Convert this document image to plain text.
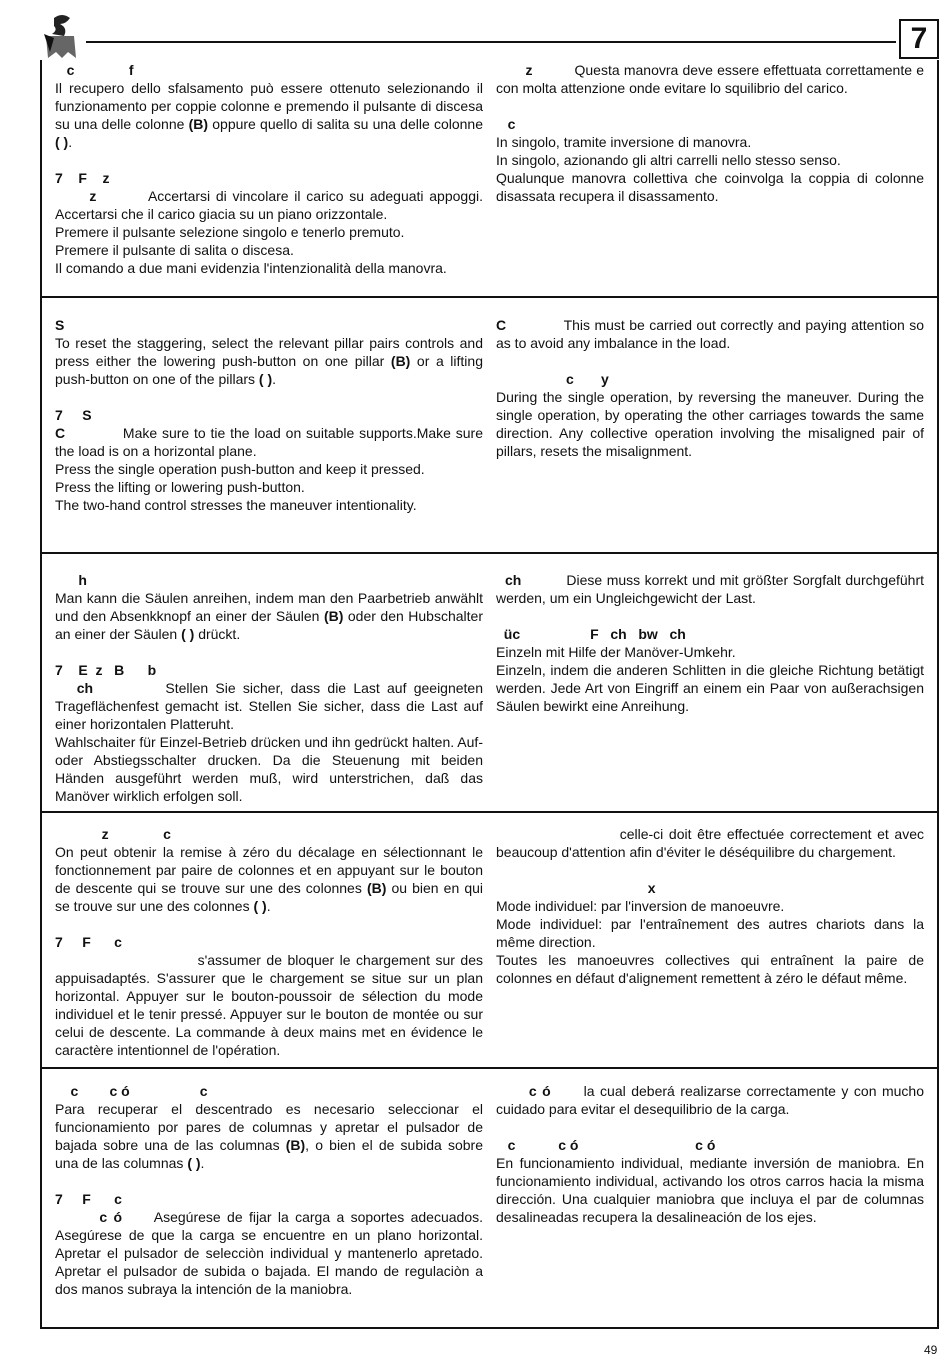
7
c              f
Il recupero dello sfalsamento può essere ottenuto selezionando il funzionamento per coppie colonne e premendo il pulsante di discesa su una delle colonne (B) oppure quello di salita su una delle colonne ( ).
7    F    z
z         Accertarsi di vincolare il carico su adeguati appoggi. Accertarsi che il carico giacia su un piano orizzontale.
Premere il pulsante selezione singolo e tenerlo premuto.
Premere il pulsante di salita o discesa.
Il comando a due mani evidenzia l'intenzionalità della manovra.
z          Questa manovra deve essere effettuata correttamente e con molta attenzione onde evitare lo squilibrio del carico.
c
In singolo, tramite inversione di manovra.
In singolo, azionando gli altri carrelli nello stesso senso.
Qualunque manovra collettiva che coinvolga la coppia di colonne disassata recupera il disassamento.
S
To reset the staggering, select the relevant pillar pairs controls and press either the lowering push-button on one pillar (B) or a lifting push-button on one of the pillars ( ).
7     S
C            Make sure to tie the load on suitable supports.Make sure the load is on a horizontal plane.
Press the single operation push-button and keep it pressed.
Press the lifting or lowering push-button.
The two-hand control stresses the maneuver intentionality.
C             This must be carried out correctly and paying attention so as to avoid any imbalance in the load.
c       y
During the single operation, by reversing the maneuver. During the single operation, by operating the other carriages towards the same direction. Any collective operation involving the misaligned pair of pillars, resets the misalignment.
h
Man kann die Säulen anreihen, indem man den Paarbetrieb anwählt und den Absenkknopf an einer der Säulen (B) oder den Hubschalter an einer der Säulen ( ) drückt.
7    E  z   B      b
ch          Stellen Sie sicher, dass die Last auf geeigneten Trageflächenfest gemacht ist. Stellen Sie sicher, dass die Last auf einer horizontalen Platteruht.
Wahlschaiter für Einzel-Betrieb drücken und ihn gedrückt halten. Auf- oder Abstiegsschalter drucken. Da die Steuenung mit beiden Händen ausgeführt werden muß, wird unterstrichen, daß das Manöver wirklich erfolgen soll.
ch          Diese muss korrekt und mit größter Sorgfalt durchgeführt werden, um ein Ungleichgewicht der Last.
üc                  F   ch   bw   ch
Einzeln mit Hilfe der Manöver-Umkehr.
Einzeln, indem die anderen Schlitten in die gleiche Richtung betätigt werden. Jede Art von Eingriff an einem ein Paar von außerachsigen Säulen bewirkt eine Anreihung.
z              c
On peut obtenir la remise à zéro du décalage en sélectionnant le fonctionnement par paire de colonnes et en appuyant sur le bouton de descente qui se trouve sur une des colonnes (B) ou bien en qui se trouve sur une des colonnes ( ).
7     F      c
s'assumer de bloquer le chargement sur des appuisadaptés. S'assurer que le chargement se situe sur un plan horizontal. Appuyer sur le bouton-poussoir de sélection du mode individuel et le tenir pressé. Appuyer sur le bouton de montée ou sur celui de descente. La commande à deux mains met en évidence le caractère intentionnel de l'opération.
celle-ci doit être effectuée correctement et avec beaucoup d'attention afin d'éviter le déséquilibre du chargement.
x
Mode individuel: par l'inversion de manoeuvre.
Mode individuel: par l'entraînement des autres chariots dans la même direction.
Toutes les manoeuvres collectives qui entraînent la paire de colonnes en défaut d'alignement remettent à zéro le défaut même.
c        c ó                  c
Para recuperar el descentrado es necesario seleccionar el funcionamiento por pares de columnas y apretar el pulsador de bajada sobre una de las columnas (B), o bien el de subida sobre una de las columnas ( ).
7     F      c
c ó     Asegúrese de fijar la carga a soportes adecuados. Asegúrese de que la carga se encuentre en un plano horizontal. Apretar el pulsador de selecciòn individual y mantenerlo apretado. Apretar el pulsador de subida o bajada. El mando de regulaciòn a dos manos subraya la intención de la maniobra.
c ó      la cual deberá realizarse correctamente y con mucho cuidado para evitar el desequilibrio de la carga.
c           c ó                              c ó
En funcionamiento individual, mediante inversión de maniobra. En funcionamiento individual, activando los otros carros hacia la misma dirección. Una cualquier maniobra que incluya el par de columnas desalineadas recupera la desalineación de los ejes.
49
